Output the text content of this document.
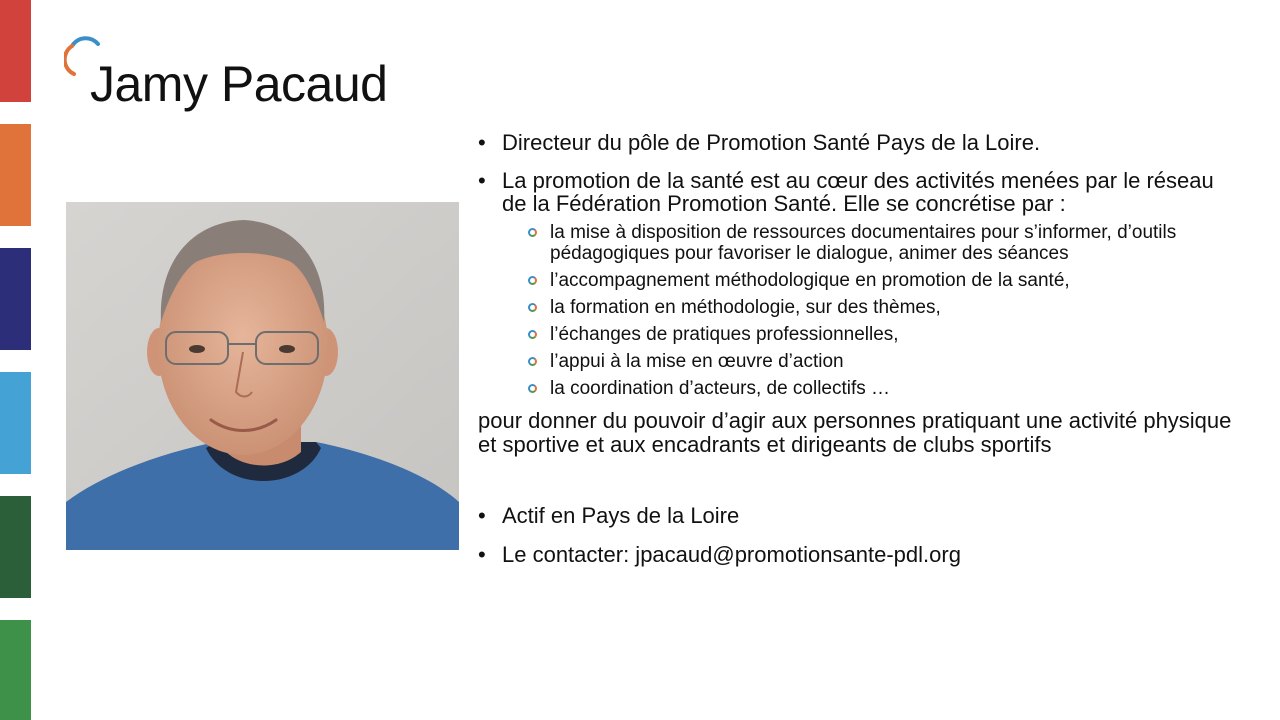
Jamy Pacaud
• Directeur du pôle de Promotion Santé Pays de la Loire.
• La promotion de la santé est au cœur des activités menées par le réseau de la Fédération Promotion Santé. Elle se concrétise par :
la mise à disposition de ressources documentaires pour s’informer, d’outils pédagogiques pour favoriser le dialogue, animer des séances
l’accompagnement méthodologique en promotion de la santé,
la formation en méthodologie, sur des thèmes,
l’échanges de pratiques professionnelles,
l’appui à la mise en œuvre d’action
la coordination d’acteurs, de collectifs …
pour donner du pouvoir d’agir aux personnes pratiquant une activité physique et sportive et aux encadrants et dirigeants de clubs sportifs
• Actif en Pays de la Loire
• Le contacter: jpacaud@promotionsante-pdl.org
